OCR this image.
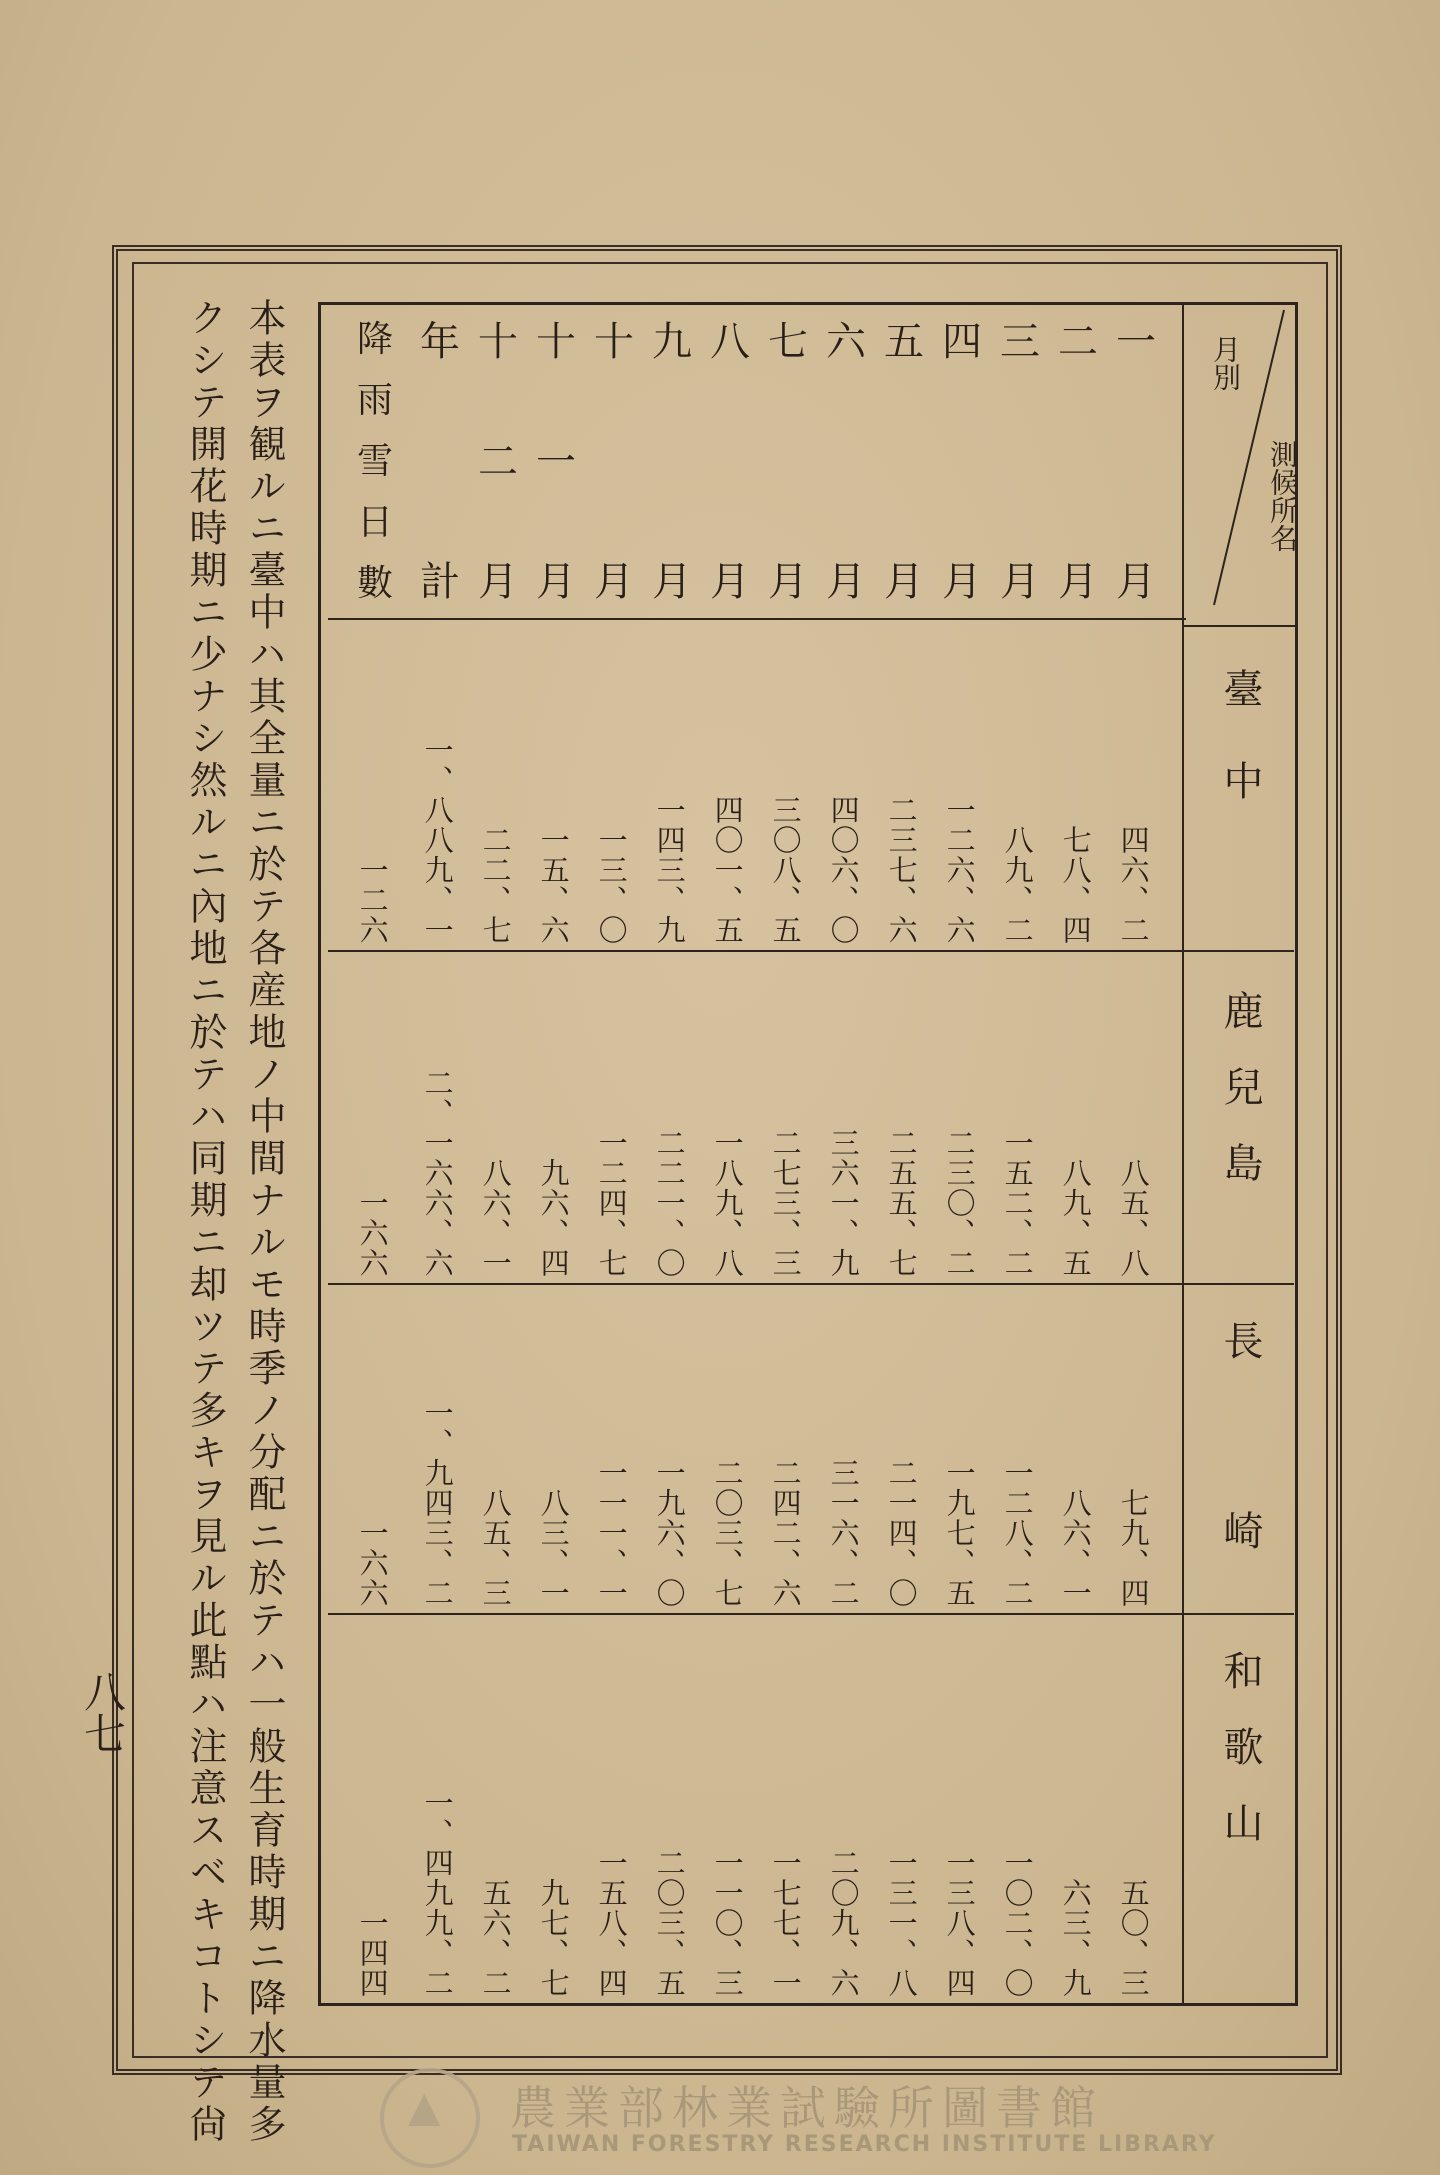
月別
測候所名
臺中
鹿兒島
長崎
和歌山
一
月
二
月
三
月
四
月
五
月
六
月
七
月
八
月
九
月
十
月
十
一
月
十
二
月
年
計
降
雨
雪
日
數
四六、二
七八、四
八九、二
一二六、六
二三七、六
四〇六、〇
三〇八、五
四〇一、五
一四三、九
一三、〇
一五、六
二二、七
一、八八九、一
一二六
八五、八
八九、五
一五二、二
二三〇、二
二五五、七
三六一、九
二七三、三
一八九、八
二二一、〇
一二四、七
九六、四
八六、一
二、一六六、六
一六六
七九、四
八六、一
一二八、二
一九七、五
二一四、〇
三一六、二
二四二、六
二〇三、七
一九六、〇
一一一、一
八三、一
八五、三
一、九四三、二
一六六
五〇、三
六三、九
一〇二、〇
一三八、四
一三一、八
二〇九、六
一七七、一
一一〇、三
二〇三、五
一五八、四
九七、七
五六、二
一、四九九、二
一四四
本表ヲ観ルニ臺中ハ其全量ニ於テ各産地ノ中間ナルモ時季ノ分配ニ於テハ一般生育時期ニ降水量多
クシテ開花時期ニ少ナシ然ルニ內地ニ於テハ同期ニ却ツテ多キヲ見ル此點ハ注意スベキコトシテ尙
八七
▲ 農業部林業試驗所圖書館
TAIWAN FORESTRY RESEARCH INSTITUTE LIBRARY
